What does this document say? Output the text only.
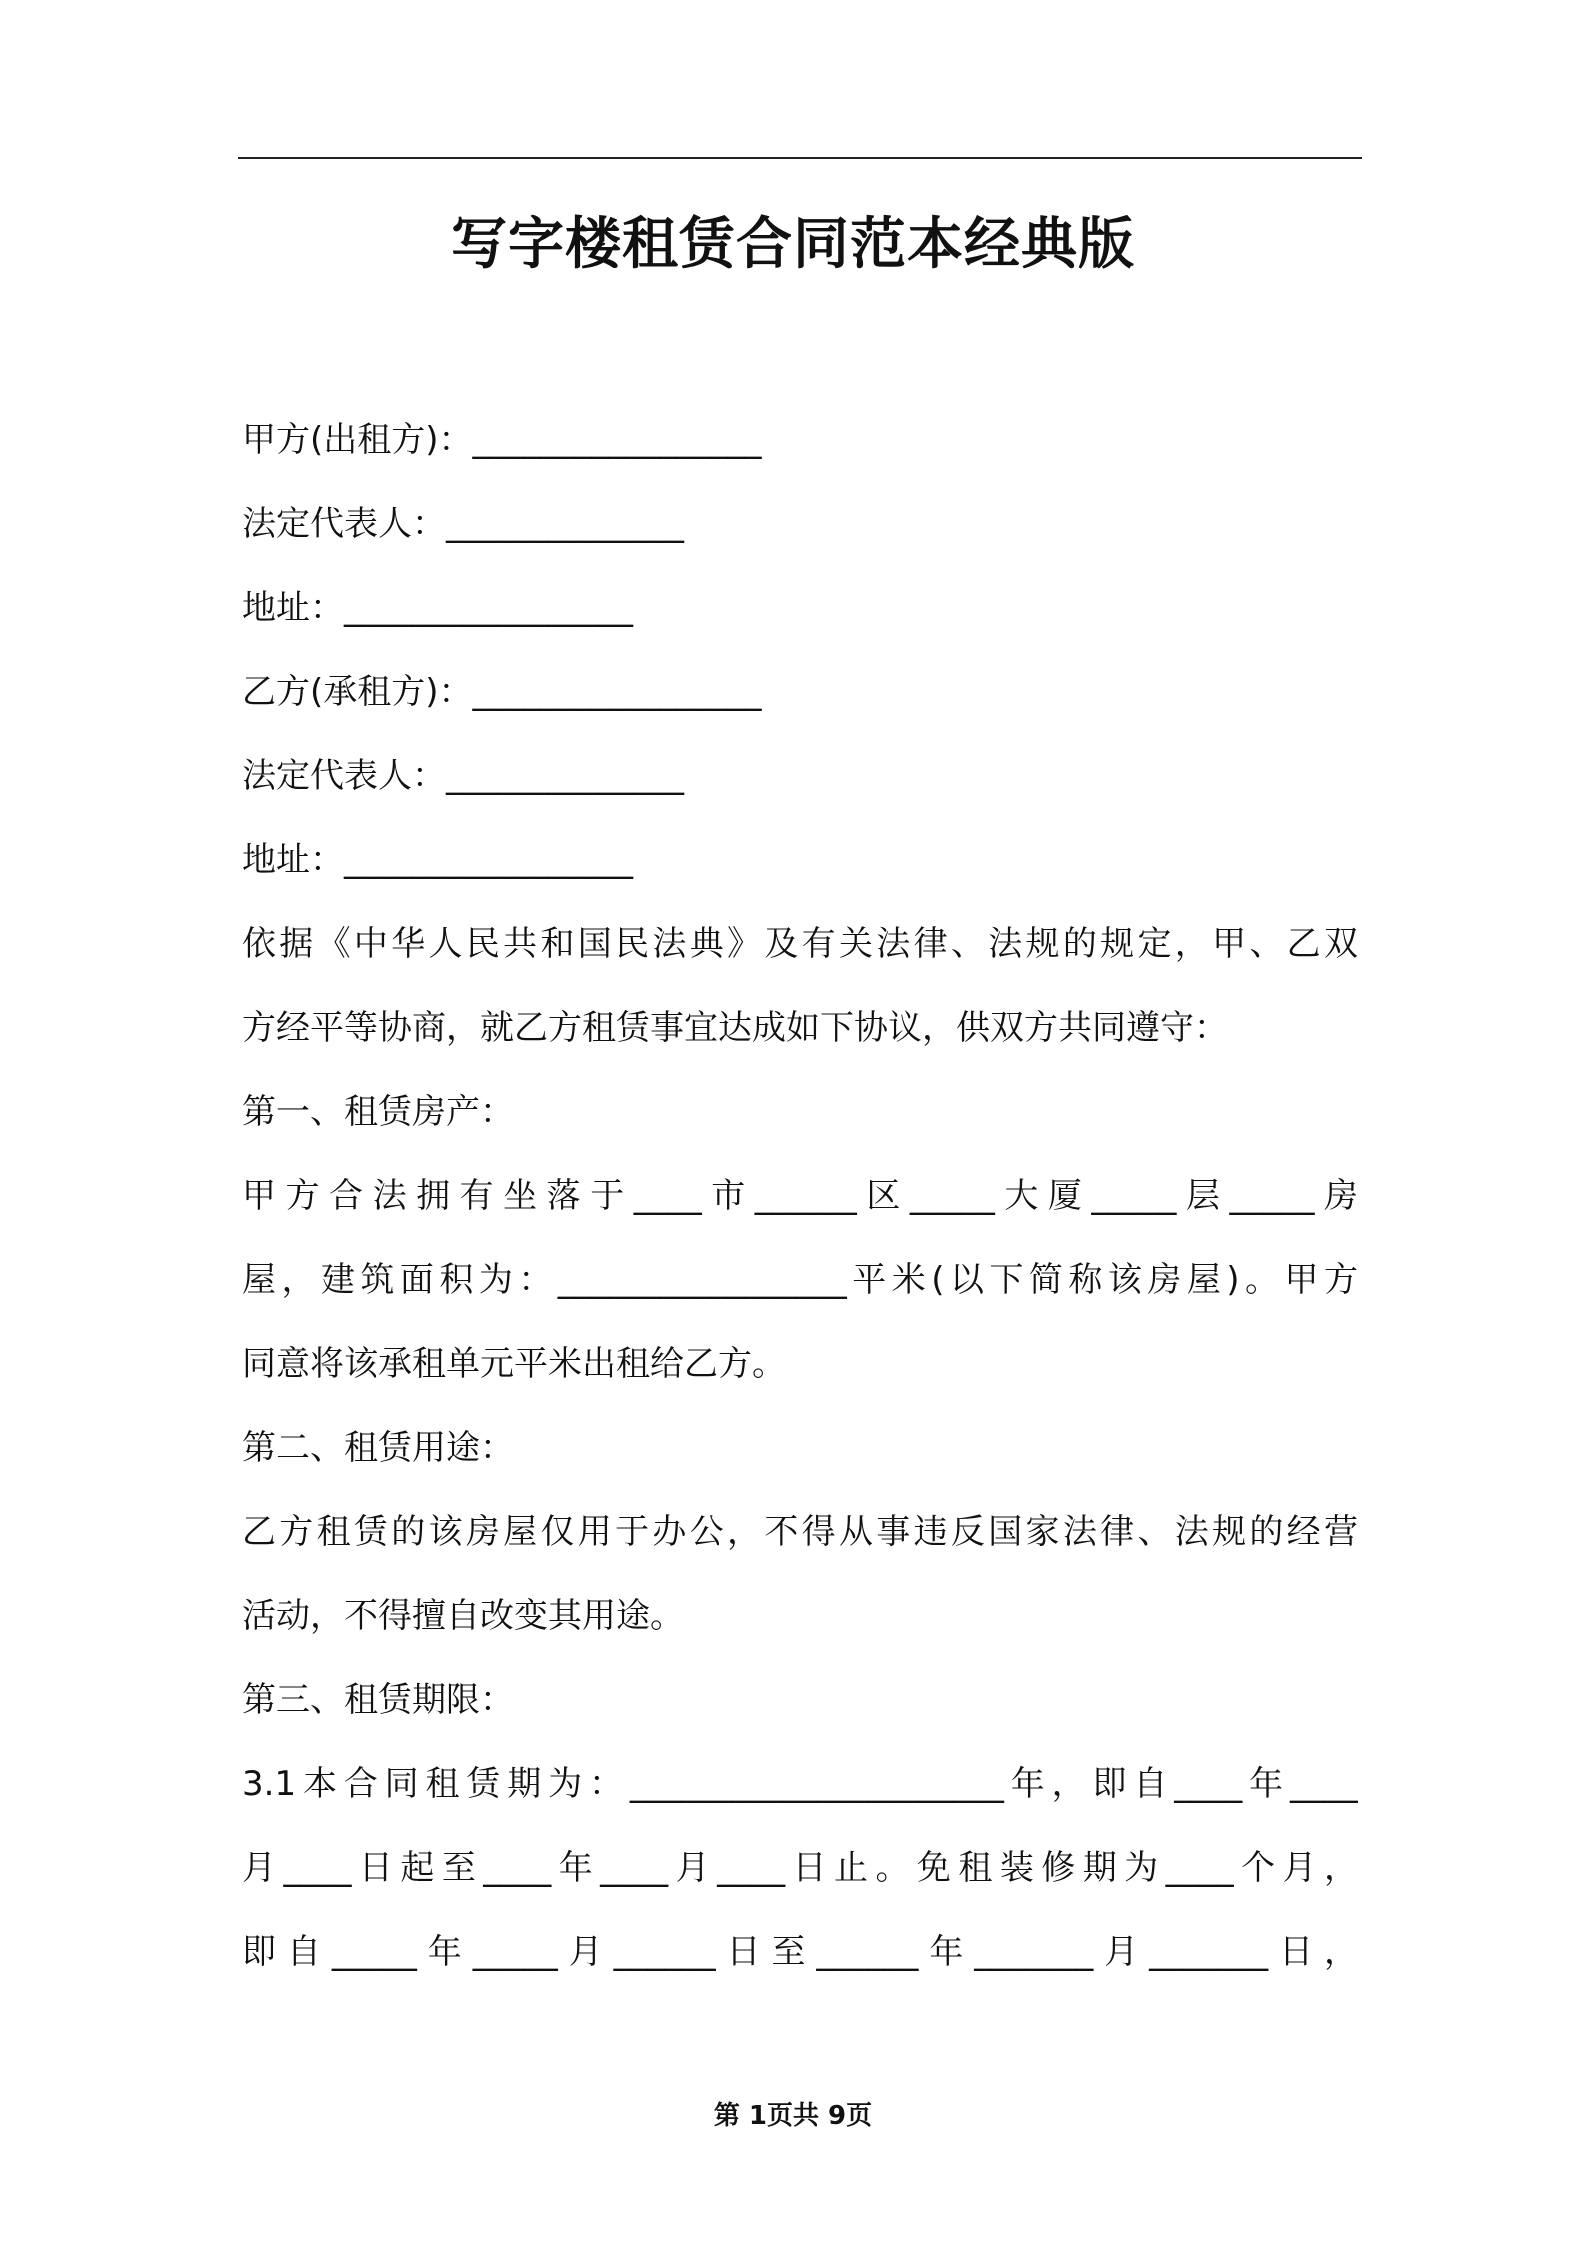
写字楼租赁合同范本经典版
甲方(出租方)：_________________
法定代表人：______________
地址：_________________
乙方(承租方)：_________________
法定代表人：______________
地址：_________________
依据《中华人民共和国民法典》及有关法律、法规的规定，甲、乙双
方经平等协商，就乙方租赁事宜达成如下协议，供双方共同遵守：
第一、租赁房产：
甲方合法拥有坐落于____市______区_____大厦_____层_____房
屋，建筑面积为：_________________平米(以下简称该房屋)。甲方
同意将该承租单元平米出租给乙方。
第二、租赁用途：
乙方租赁的该房屋仅用于办公，不得从事违反国家法律、法规的经营
活动，不得擅自改变其用途。
第三、租赁期限：
3.1本合同租赁期为：______________________年，即自____年____
月____日起至____年____月____日止。免租装修期为____个月，
即自_____年_____月______日至______年_______月_______日，
第 1页共 9页
